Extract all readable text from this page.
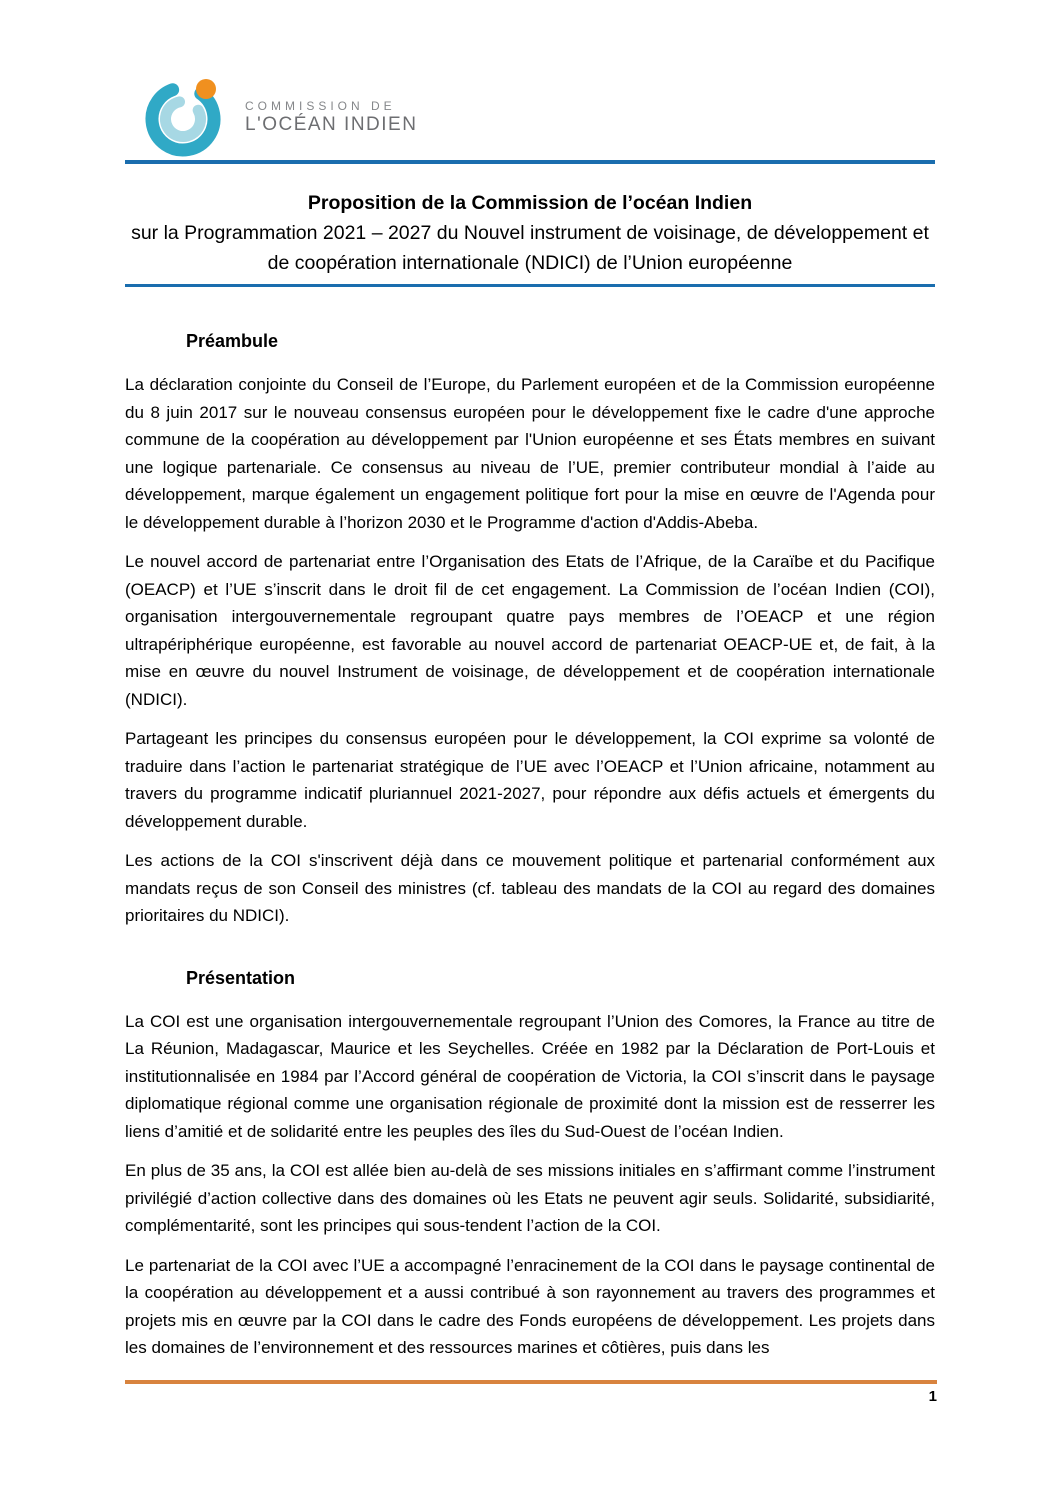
COMMISSION DE
L'OCÉAN INDIEN
Proposition de la Commission de l’océan Indien
sur la Programmation 2021 – 2027 du Nouvel instrument de voisinage, de développement et
de coopération internationale (NDICI) de l’Union européenne
Préambule

La déclaration conjointe du Conseil de l’Europe, du Parlement européen et de la Commission européenne du 8 juin 2017 sur le nouveau consensus européen pour le développement fixe le cadre d'une approche commune de la coopération au développement par l'Union européenne et ses États membres en suivant une logique partenariale. Ce consensus au niveau de l’UE, premier contributeur mondial à l’aide au développement, marque également un engagement politique fort pour la mise en œuvre de l'Agenda pour le développement durable à l’horizon 2030 et le Programme d'action d'Addis-Abeba.

Le nouvel accord de partenariat entre l’Organisation des Etats de l’Afrique, de la Caraïbe et du Pacifique (OEACP) et l’UE s’inscrit dans le droit fil de cet engagement. La Commission de l’océan Indien (COI), organisation intergouvernementale regroupant quatre pays membres de l’OEACP et une région ultrapériphérique européenne, est favorable au nouvel accord de partenariat OEACP-UE et, de fait, à la mise en œuvre du nouvel Instrument de voisinage, de développement et de coopération internationale (NDICI).

Partageant les principes du consensus européen pour le développement, la COI exprime sa volonté de traduire dans l’action le partenariat stratégique de l’UE avec l’OEACP et l’Union africaine, notamment au travers du programme indicatif pluriannuel 2021-2027, pour répondre aux défis actuels et émergents du développement durable.

Les actions de la COI s'inscrivent déjà dans ce mouvement politique et partenarial conformément aux mandats reçus de son Conseil des ministres (cf. tableau des mandats de la COI au regard des domaines prioritaires du NDICI).

Présentation

La COI est une organisation intergouvernementale regroupant l’Union des Comores, la France au titre de La Réunion, Madagascar, Maurice et les Seychelles. Créée en 1982 par la Déclaration de Port-Louis et institutionnalisée en 1984 par l’Accord général de coopération de Victoria, la COI s’inscrit dans le paysage diplomatique régional comme une organisation régionale de proximité dont la mission est de resserrer les liens d’amitié et de solidarité entre les peuples des îles du Sud-Ouest de l’océan Indien.

En plus de 35 ans, la COI est allée bien au-delà de ses missions initiales en s’affirmant comme l’instrument privilégié d’action collective dans des domaines où les Etats ne peuvent agir seuls. Solidarité, subsidiarité, complémentarité, sont les principes qui sous-tendent l’action de la COI.

Le partenariat de la COI avec l’UE a accompagné l’enracinement de la COI dans le paysage continental de la coopération au développement et a aussi contribué à son rayonnement au travers des programmes et projets mis en œuvre par la COI dans le cadre des Fonds européens de développement. Les projets dans les domaines de l’environnement et des ressources marines et côtières, puis dans les

1
